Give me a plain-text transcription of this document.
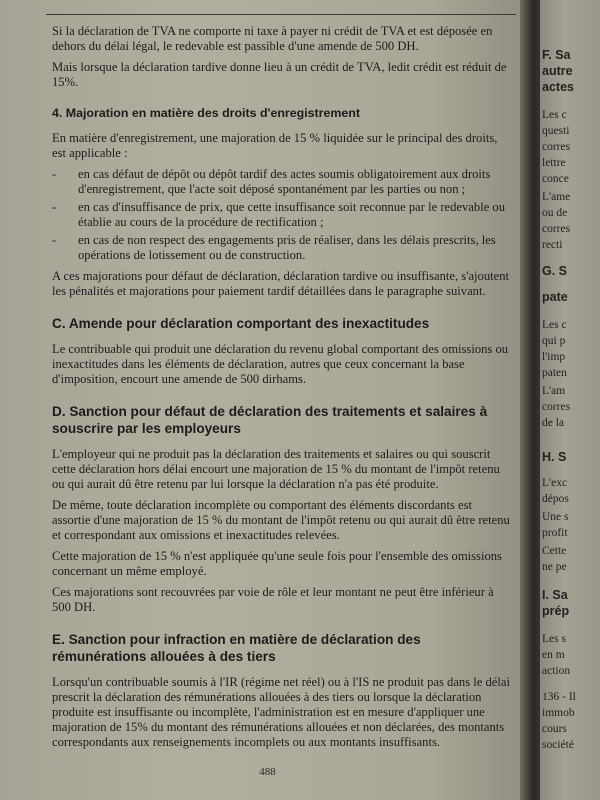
Si la déclaration de TVA ne comporte ni taxe à payer ni crédit de TVA et est déposée en dehors du délai légal, le redevable est passible d'une amende de 500 DH.

Mais lorsque la déclaration tardive donne lieu à un crédit de TVA, ledit crédit est réduit de 15%.

4. Majoration en matière des droits d'enregistrement

En matière d'enregistrement, une majoration de 15 % liquidée sur le principal des droits, est applicable :

- en cas défaut de dépôt ou dépôt tardif des actes soumis obligatoirement aux droits d'enregistrement, que l'acte soit déposé spontanément par les parties ou non ;
- en cas d'insuffisance de prix, que cette insuffisance soit reconnue par le redevable ou établie au cours de la procédure de rectification ;
- en cas de non respect des engagements pris de réaliser, dans les délais prescrits, les opérations de lotissement ou de construction.

A ces majorations pour défaut de déclaration, déclaration tardive ou insuffisante, s'ajoutent les pénalités et majorations pour paiement tardif détaillées dans le paragraphe suivant.

C. Amende pour déclaration comportant des inexactitudes

Le contribuable qui produit une déclaration du revenu global comportant des omissions ou inexactitudes dans les éléments de déclaration, autres que ceux concernant la base d'imposition, encourt une amende de 500 dirhams.

D. Sanction pour défaut de déclaration des traitements et salaires à souscrire par les employeurs

L'employeur qui ne produit pas la déclaration des traitements et salaires ou qui souscrit cette déclaration hors délai encourt une majoration de 15 % du montant de l'impôt retenu ou qui aurait dû être retenu par lui lorsque la déclaration n'a pas été produite.

De même, toute déclaration incomplète ou comportant des éléments discordants est assortie d'une majoration de 15 % du montant de l'impôt retenu ou qui aurait dû être retenu et correspondant aux omissions et inexactitudes relevées.

Cette majoration de 15 % n'est appliquée qu'une seule fois pour l'ensemble des omissions concernant un même employé.

Ces majorations sont recouvrées par voie de rôle et leur montant ne peut être inférieur à 500 DH.

E. Sanction pour infraction en matière de déclaration des rémunérations allouées à des tiers

Lorsqu'un contribuable soumis à l'IR (régime net réel) ou à l'IS ne produit pas dans le délai prescrit la déclaration des rémunérations allouées à des tiers ou lorsque la déclaration produite est insuffisante ou incomplète, l'administration est en mesure d'appliquer une majoration de 15% du montant des rémunérations allouées et non déclarées, des montants correspondants aux renseignements incomplets ou aux montants insuffisants.

488
F. Sa
autre
actes
Les c
questi
corres
lettre
conce
L'ame
ou de
corres
recti
G. S
pate
Les c
qui p
l'imp
paten
L'am
corres
de la
H. S
L'exc
dépos
Une s
profit
Cette
ne pe
I. Sa
prép
Les s
en m
action
136 - Il
immob
cours
société
